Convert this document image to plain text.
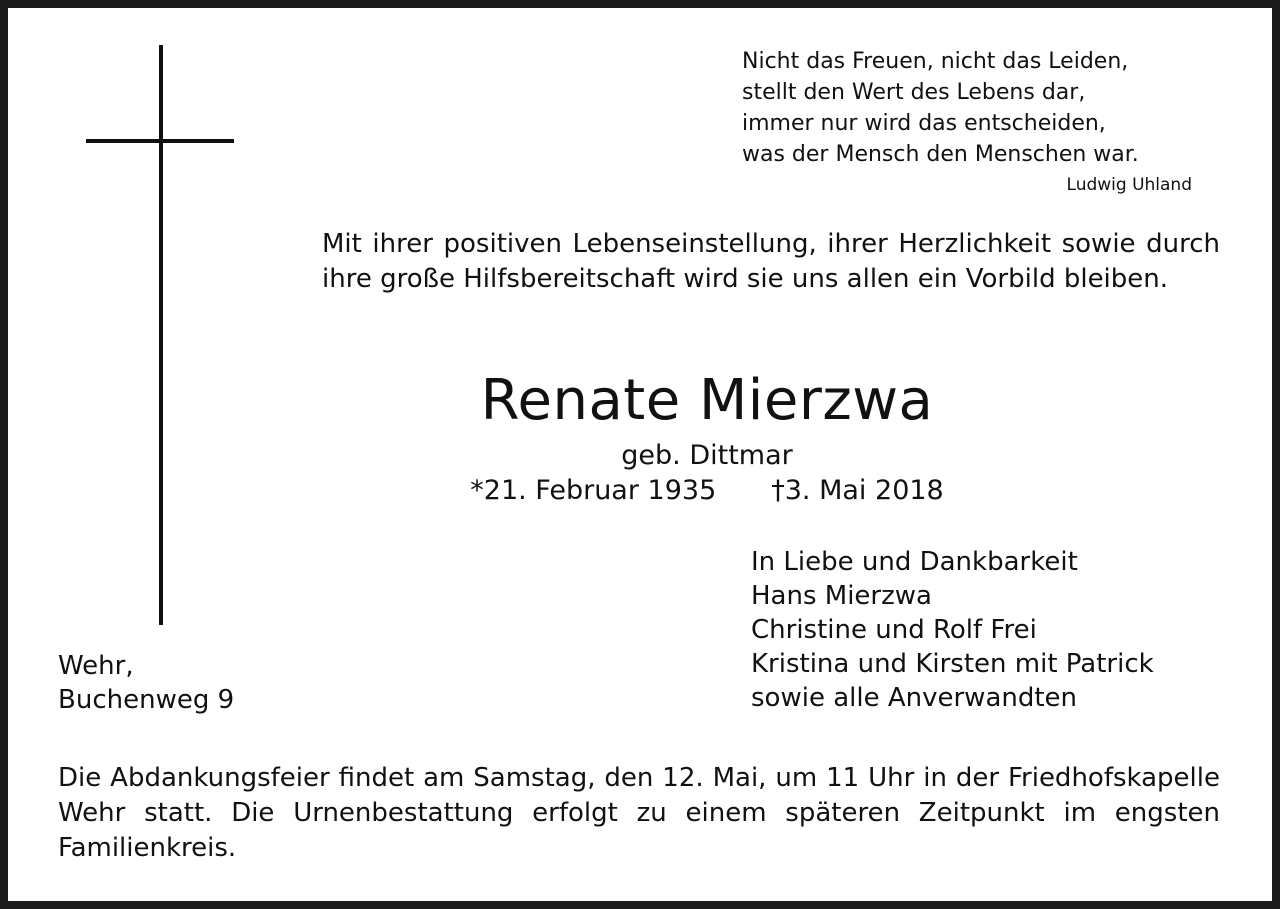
Nicht das Freuen, nicht das Leiden,
stellt den Wert des Lebens dar,
immer nur wird das entscheiden,
was der Mensch den Menschen war.
Ludwig Uhland
Mit ihrer positiven Lebenseinstellung, ihrer Herzlichkeit sowie durch ihre große Hilfsbereitschaft wird sie uns allen ein Vorbild bleiben.
Renate Mierzwa
geb. Dittmar
*21. Februar 1935 †3. Mai 2018
In Liebe und Dankbarkeit
Hans Mierzwa
Christine und Rolf Frei
Kristina und Kirsten mit Patrick
sowie alle Anverwandten
Wehr,
Buchenweg 9
Die Abdankungsfeier findet am Samstag, den 12. Mai, um 11 Uhr in der Friedhofskapelle Wehr statt. Die Urnenbestattung erfolgt zu einem späteren Zeitpunkt im engsten Familienkreis.
